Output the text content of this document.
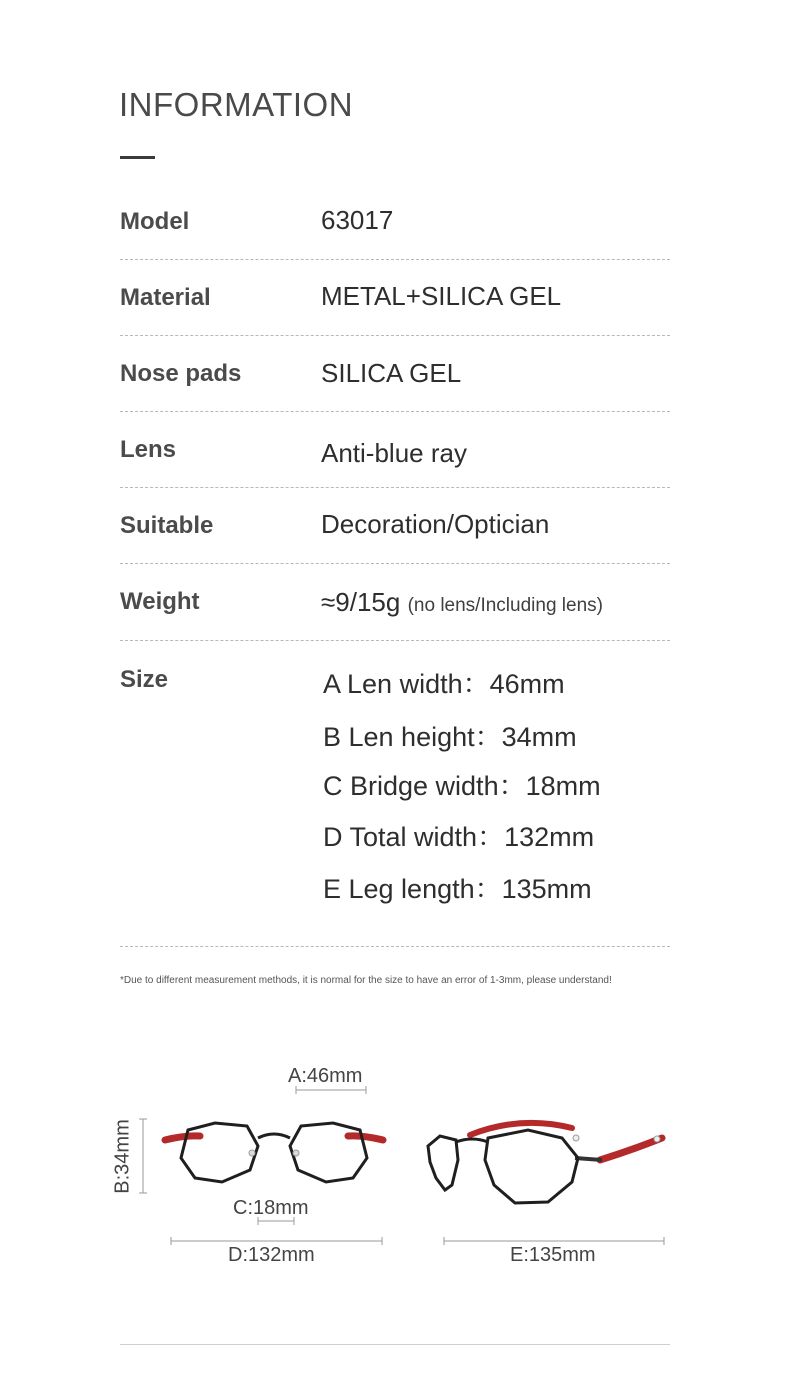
INFORMATION
Model	63017
Material	METAL+SILICA GEL
Nose pads	SILICA GEL
Lens	Anti-blue ray
Suitable	Decoration/Optician
Weight	≈9/15g (no lens/Including lens)
Size	A Len width：46mm
B Len height：34mm
C Bridge width：18mm
D Total width：132mm
E Leg length：135mm
*Due to different measurement methods, it is normal for the size to have an error of 1-3mm, please understand!
A:46mm
B:34mm
C:18mm
D:132mm	E:135mm
